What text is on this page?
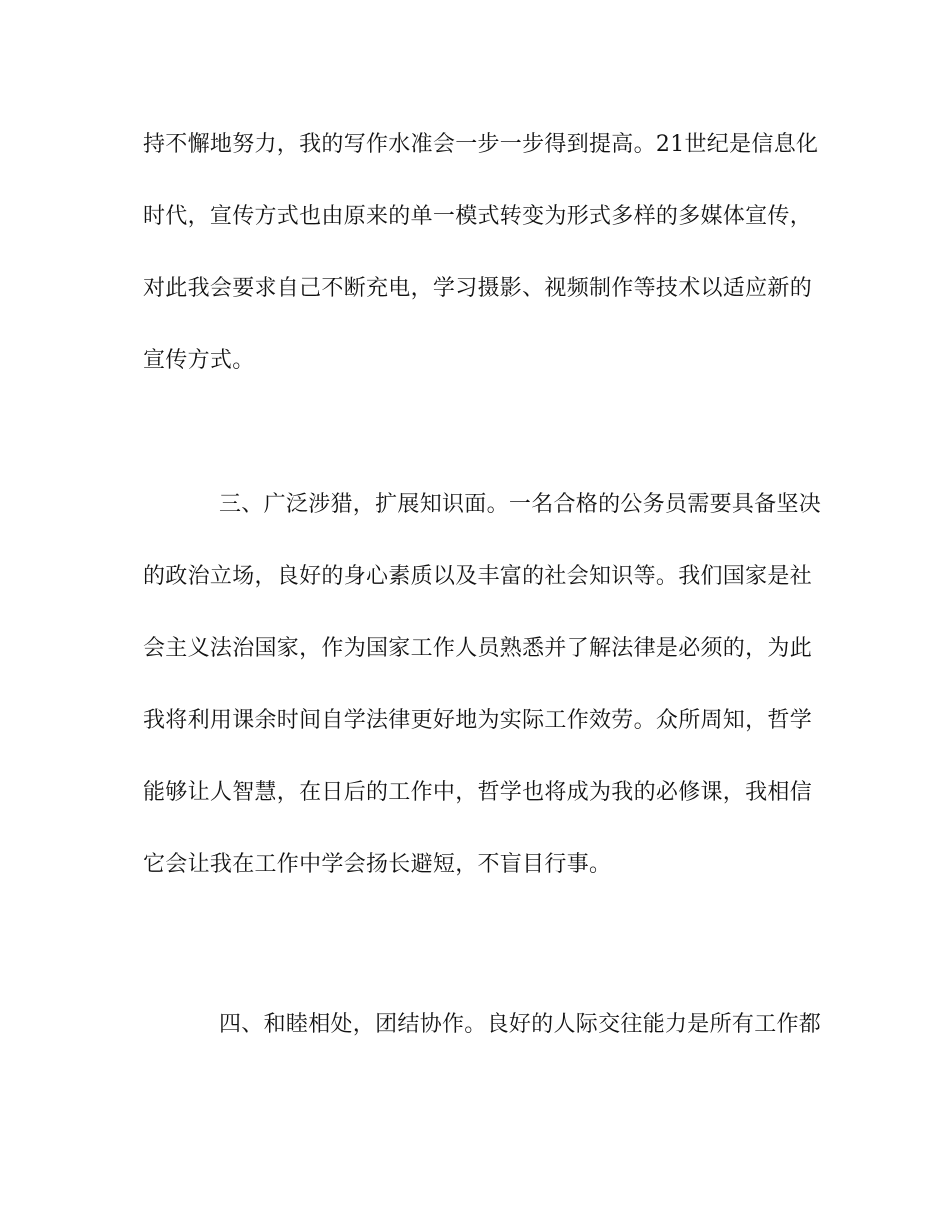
持不懈地努力，我的写作水准会一步一步得到提高。21世纪是信息化
时代，宣传方式也由原来的单一模式转变为形式多样的多媒体宣传，
对此我会要求自己不断充电，学习摄影、视频制作等技术以适应新的
宣传方式。
三、广泛涉猎，扩展知识面。一名合格的公务员需要具备坚决
的政治立场，良好的身心素质以及丰富的社会知识等。我们国家是社
会主义法治国家，作为国家工作人员熟悉并了解法律是必须的，为此
我将利用课余时间自学法律更好地为实际工作效劳。众所周知，哲学
能够让人智慧，在日后的工作中，哲学也将成为我的必修课，我相信
它会让我在工作中学会扬长避短，不盲目行事。
四、和睦相处，团结协作。良好的人际交往能力是所有工作都
